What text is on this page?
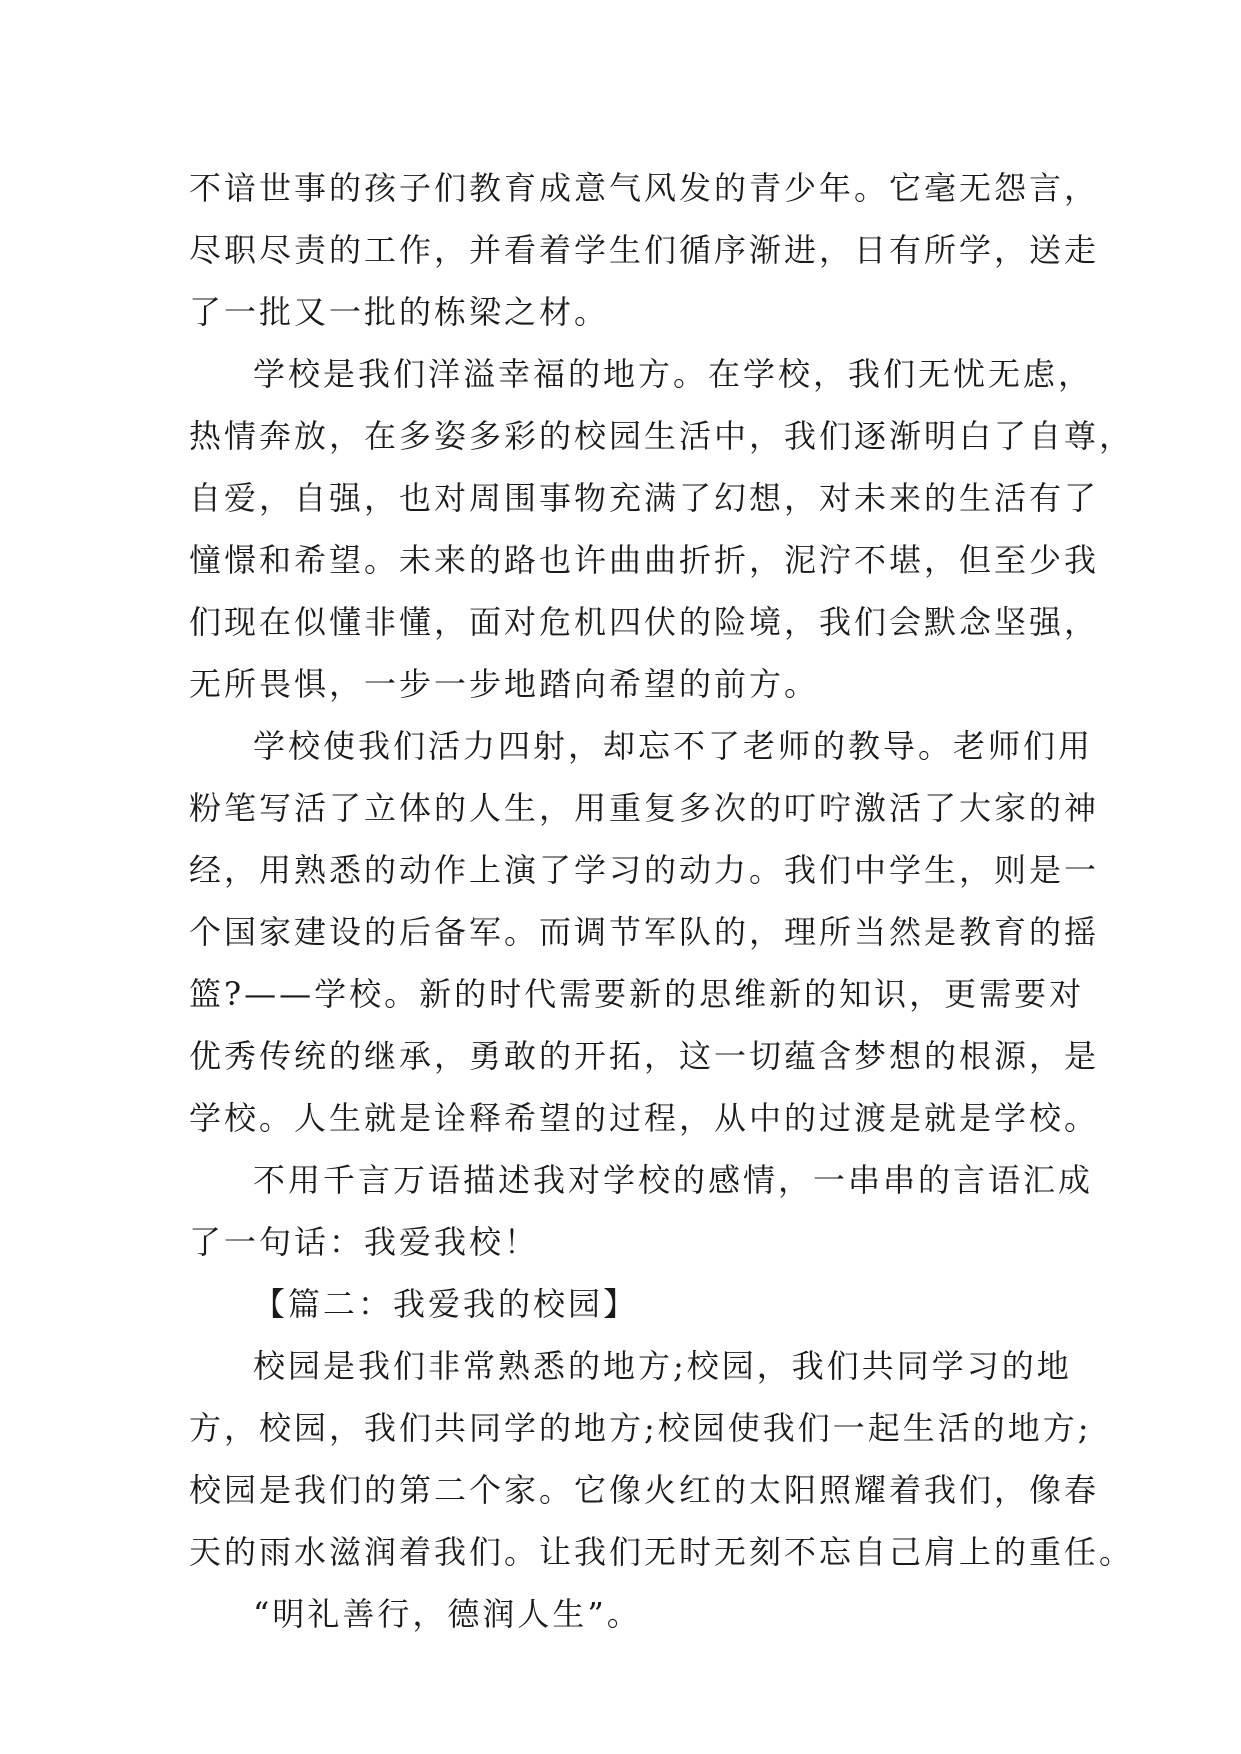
不谙世事的孩子们教育成意气风发的青少年。它毫无怨言，
尽职尽责的工作，并看着学生们循序渐进，日有所学，送走
了一批又一批的栋梁之材。
学校是我们洋溢幸福的地方。在学校，我们无忧无虑，
热情奔放，在多姿多彩的校园生活中，我们逐渐明白了自尊，
自爱，自强，也对周围事物充满了幻想，对未来的生活有了
憧憬和希望。未来的路也许曲曲折折，泥泞不堪，但至少我
们现在似懂非懂，面对危机四伏的险境，我们会默念坚强，
无所畏惧，一步一步地踏向希望的前方。
学校使我们活力四射，却忘不了老师的教导。老师们用
粉笔写活了立体的人生，用重复多次的叮咛激活了大家的神
经，用熟悉的动作上演了学习的动力。我们中学生，则是一
个国家建设的后备军。而调节军队的，理所当然是教育的摇
篮?——学校。新的时代需要新的思维新的知识，更需要对
优秀传统的继承，勇敢的开拓，这一切蕴含梦想的根源，是
学校。人生就是诠释希望的过程，从中的过渡是就是学校。
不用千言万语描述我对学校的感情，一串串的言语汇成
了一句话：我爱我校！
【篇二：我爱我的校园】
校园是我们非常熟悉的地方;校园，我们共同学习的地
方，校园，我们共同学的地方;校园使我们一起生活的地方;
校园是我们的第二个家。它像火红的太阳照耀着我们，像春
天的雨水滋润着我们。让我们无时无刻不忘自己肩上的重任。
“明礼善行，德润人生”。
